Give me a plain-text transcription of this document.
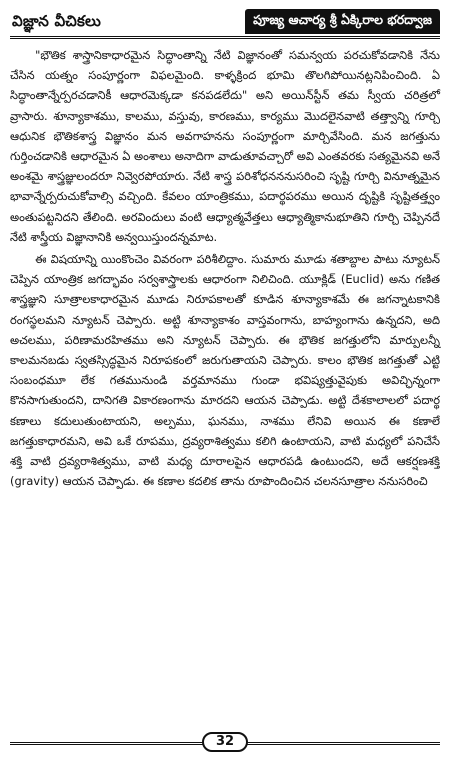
విజ్ఞాన వీచికలు	పూజ్య ఆచార్య శ్రీ ఏక్కిరాల భరద్వాజ

"భౌతిక శాస్త్రానికాధారమైన సిద్ధాంతాన్ని నేటి విజ్ఞానంతో సమన్వయ పరచుకోవడానికి నేను చేసిన యత్నం సంపూర్ణంగా విఫలమైంది. కాళ్ళక్రింద భూమి తొలగిపోయినట్లనిపించింది. ఏ సిద్ధాంతాన్నేర్పరచడానికీ ఆధారమెక్కడా కనపడలేదు" అని అయిన్‌స్టీన్ తమ స్వీయ చరిత్రలో వ్రాసారు. శూన్యాకాశము, కాలము, వస్తువు, కారణము, కార్యము మొదలైనవాటి తత్త్వాన్ని గూర్చి ఆధునిక భౌతికశాస్త్ర విజ్ఞానం మన అవగాహనను సంపూర్ణంగా మార్చివేసింది. మన జగత్తును గుర్తించడానికి ఆధారమైన ఏ అంశాలు అనాదిగా వాడుతూవచ్చారో అవి ఎంతవరకు సత్యమైనవి అనే అంశమై శాస్త్రజ్ఞులందరూ నివ్వెరపోయారు. నేటి శాస్త్ర పరిశోధనననుసరించి సృష్టి గూర్చి వినూత్నమైన భావాన్నేర్పరుచుకోవాల్సి వచ్చింది. కేవలం యాంత్రికము, పదార్థపరము అయిన దృష్టికి సృష్టితత్త్వం అంతుపట్టనిదని తేలింది. అరవిందులు వంటి ఆధ్యాత్మవేత్తలు ఆధ్యాత్మికానుభూతిని గూర్చి చెప్పినదే నేటి శాస్త్రీయ విజ్ఞానానికి అన్వయిస్తుందన్నమాట.

ఈ విషయాన్ని యింకొంచెం వివరంగా పరిశీలిద్దాం. సుమారు మూడు శతాబ్దాల పాటు న్యూటన్ చెప్పిన యాంత్రిక జగద్భావం సర్వశాస్త్రాలకు ఆధారంగా నిలిచింది. యూక్లిడ్ (Euclid) అను గణిత శాస్త్రజ్ఞుని సూత్రాలకాధారమైన మూడు నిరూపకాలతో కూడిన శూన్యాకాశమే ఈ జగన్నాటకానికి రంగస్థలమని న్యూటన్ చెప్పారు. అట్టి శూన్యాకాశం వాస్తవంగాను, బాహ్యంగాను ఉన్నదని, అది అచలము, పరిణామరహితము అని న్యూటన్ చెప్పారు. ఈ భౌతిక జగత్తులోని మార్పులన్నీ కాలమనబడు స్వతస్సిద్ధమైన నిరూపకంలో జరుగుతాయని చెప్పారు. కాలం భౌతిక జగత్తుతో ఎట్టి సంబంధమూ లేక గతమునుండి వర్తమానము గుండా భవిష్యత్తువైపుకు అవిచ్ఛిన్నంగా కొనసాగుతుందని, దానిగతి వికారణంగాను మారదని ఆయన చెప్పాడు. అట్టి దేశకాలాలలో పదార్థ కణాలు కదులుతుంటాయని, అల్పము, ఘనము, నాశము లేనివి అయిన ఈ కణాలే జగత్తుకాధారమని, అవి ఒకే రూపము, ద్రవ్యరాశిత్వము కలిగి ఉంటాయని, వాటి మధ్యలో పనిచేసే శక్తి వాటి ద్రవ్యరాశిత్వము, వాటి మధ్య దూరాలపైన ఆధారపడి ఉంటుందని, అదే ఆకర్షణశక్తి (gravity) ఆయన చెప్పాడు. ఈ కణాల కదలిక తాను రూపొందించిన చలనసూత్రాల ననుసరించి

32
